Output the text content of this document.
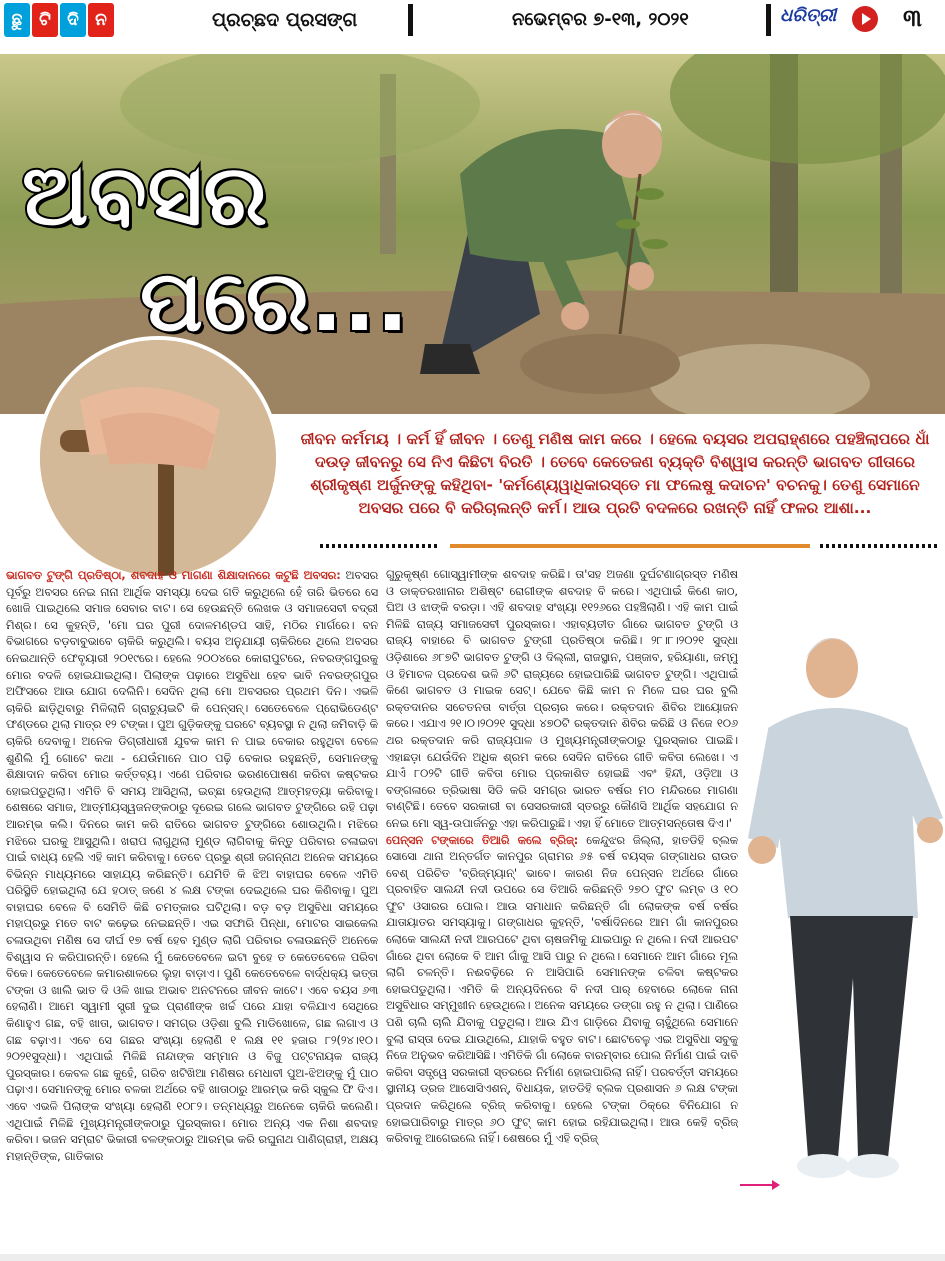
ଛୁ ଟି ଦି ନ	ପ୍ରଚ୍ଛଦ ପ୍ରସଙ୍ଗ	ନଭେମ୍ବର ୭-୧୩, ୨୦୨୧	ଧରିତ୍ରୀ	୩
ଅବସର
ପରେ...
ଜୀବନ କର୍ମମୟ । କର୍ମ ହିଁ ଜୀବନ । ତେଣୁ ମଣିଷ କାମ କରେ । ହେଲେ ବୟସର ଅପରାହ୍ଣରେ ପହଞ୍ଚିଲାପରେ ଧାଁ ଦଉଡ଼ ଜୀବନରୁ ସେ ନିଏ କିଛିଟା ବିରତି । ତେବେ କେତେଜଣ ବ୍ୟକ୍ତି ବିଶ୍ୱାସ କରନ୍ତି ଭାଗବତ ଗୀତାରେ ଶ୍ରୀକୃଷ୍ଣ ଅର୍ଜୁନଙ୍କୁ କହିଥିବା- 'କର୍ମଣ୍ୟେୱାଧିକାରସ୍ତେ ମା ଫଲେଷୁ କଦାଚନ' ବଚନକୁ। ତେଣୁ ସେମାନେ ଅବସର ପରେ ବି କରିଚାଲନ୍ତି କର୍ମ। ଆଉ ପ୍ରତି ବଦଳରେ ରଖନ୍ତି ନାହିଁ ଫଳର ଆଶା...

ଭାଗବତ ଟୁଙ୍ଗି ପ୍ରତିଷ୍ଠା, ଶବଦାହ ଓ ମାଗଣା ଶିକ୍ଷାଦାନରେ କଟୁଛି ଅବସର: ଅବସର ପୂର୍ବରୁ ଅବସର ନେଇ ନାନା ଆର୍ଥିକ ସମସ୍ୟା ଦେଇ ଗତି କରୁଥିଲେ ହେଁ ତାରି ଭିତରେ ସେ ଖୋଜି ପାଇଥିଲେ ସମାଜ ସେବାର ବାଟ। ସେ ହେଉଛନ୍ତି ଲେଖକ ଓ ସମାଜସେବୀ ବଦ୍ରୀ ମିଶ୍ର। ସେ କୁହନ୍ତି, 'ମୋ ଘର ପୁରୀ ଦୋଳମଣ୍ଡପ ସାହି, ମଠିର ମାର୍ଗରେ। ବନ ବିଭାଗରେ ବଡ଼ବାବୁଭାବେ ଚାକିରି କରୁଥିଲି। ବୟସ ଅନୁଯାୟୀ ଚାକିରିରେ ଥିଲେ ଅବସର ନେଇଥାନ୍ତି ଫେବୃୟାରୀ ୨୦୧୯ରେ। ହେଲେ ୨୦୦୪ରେ କୋରାପୁଟରେ, ନବରଙ୍ଗପୁରକୁ ମୋର ବଦଳି ହୋଇଯାଇଥିଲା। ପିଲାଙ୍କ ପଢ଼ାରେ ଅସୁବିଧା ହେବ ଭାବି ନବରଙ୍ଗପୁର ଅଫିସରେ ଆଉ ଯୋଗ ଦେଲିନି। ସେଦିନ ଥିଲା ମୋ ଅବସରର ପ୍ରଥମ ଦିନ। ଏଭଳି ଚାକିରି ଛାଡ଼ିଥିବାରୁ ମିଳିଲାନି ଗ୍ରାଚ୍ୟୁଇଟି କି ପେନ୍‌ସନ୍। ସେତେବେଳେ ପ୍ରୋଭିଡେଣ୍ଟ ଫଣ୍ଡରେ ଥିଲା ମାତ୍ର ୧୨ ଟଙ୍କା। ପୁଅ ଗୁଡ଼ିକଙ୍କୁ ଘରଟେ ବ୍ୟବସ୍ଥା ନ ଥିଲା ଜମିବାଡ଼ି କି ଚାକିରି ଦେବାକୁ। ଅନେକ ଡିଗ୍ରୀଧାରୀ ଯୁବକ କାମ ନ ପାଇ ବେକାର ରହୁଥିବା ବେଳେ ଶୁଣିଲି ମୁଁ ଗୋଟେ କଥା - ଯେଉଁମାନେ ପାଠ ପଢ଼ି ବେକାର ରହୁଛନ୍ତି, ସେମାନଙ୍କୁ ଶିକ୍ଷାଦାନ କରିବା ମୋର କର୍ତ୍ତବ୍ୟ। ଏଣେ ପରିବାର ଭରଣପୋଷଣ କରିବା କଷ୍ଟକର ହୋଇପଡୁଥିଲା। ଏମିତି ବି ସମୟ ଆସିଥିଲା, ଇଚ୍ଛା ହେଉଥିଲା ଆତ୍ମହତ୍ୟା କରିବାକୁ। ଶେଷରେ ସମାଜ, ଆତ୍ମୀୟସ୍ୱଜନଙ୍କଠାରୁ ଦୂରେଇ ଗଲେ ଭାଗବତ ଟୁଙ୍ଗିରେ ରହି ପଢ଼ା ଆରମ୍ଭ କଲି। ଦିନରେ କାମ କରି ରାତିରେ ଭାଗବତ ଟୁଙ୍ଗିରେ ଶୋଉଥିଲି। ମଝିରେ ମଝିରେ ଘରକୁ ଆସୁଥିଲି। ଖରାପ ଲାଗୁଥିଲା ମୁଣ୍ଡ ଲାଗିବାକୁ କିନ୍ତୁ ପରିବାର ଚଳାଇବା ପାଇଁ ବାଧ୍ୟ ହେଲି ଏହି କାମ କରିବାକୁ। ତେବେ ପ୍ରଭୁ ଶ୍ରୀ ଜଗନ୍ନାଥ ଅନେକ ସମୟରେ ବିଭିନ୍ନ ମାଧ୍ୟମରେ ସାହାଯ୍ୟ କରିଛନ୍ତି। ଯେମିତି କି ଝିଅ ବାହାଘର ବେଳେ ଏମିତି ପରିସ୍ଥିତି ହୋଇଥିଲା ଯେ ହଠାତ୍ ଜଣେ ୪ ଲକ୍ଷ ଟଙ୍କା ଦେଇଥିଲେ ଘର କିଣିବାକୁ। ପୁଅ ବାହାଘର ବେଳେ ବି ସେମିତି କିଛି ଚମତ୍କାର ଘଟିଥିଲା। ବଡ଼ ବଡ଼ ଅସୁବିଧା ସମୟରେ ମହାପ୍ରଭୁ ମତେ ବାଟ କଢ଼େଇ ନେଇଛନ୍ତି। ଏଇ ସଫାରି ପିନ୍ଧା, ମୋଟର ସାଇକେଲ ଚଳାଉଥିବା ମଣିଷ ସେ ଦୀର୍ଘ ୧୭ ବର୍ଷ ହେବ ମୁଣ୍ଡ ଲାଗି ପରିବାର ଚଳାଉଛନ୍ତି ଅନେକେ ବିଶ୍ୱାସ ନ କରିପାରନ୍ତି। ହେଲେ ମୁଁ କେତେବେଳେ ଇଟା ବୁହେ ତ କେତେବେଳେ ପରିବା ବିକେ। କେତେବେଳେ କମାରଶାଳରେ ଲୁହା ବାଡ଼ାଏ। ପୁଣି କେତେବେଳେ ବାର୍ଦ୍ଧକ୍ୟ ଭତ୍ତା ଟଙ୍କା ଓ ଖାଲି ଭାତ ଦି ଓଳି ଖାଇ ଅଭାବ ଅନଟନରେ ଜୀବନ କାଟେ। ଏବେ ବୟସ ୬୩ ହେଲାଣି। ଆମେ ସ୍ୱାମୀ ସ୍ତ୍ରୀ ଦୁଇ ପ୍ରାଣୀଙ୍କ ଖର୍ଚ୍ଚ ପରେ ଯାହା ବଳିଯାଏ ସେଥିରେ କିଣାହୁଏ ଗଛ, ବହି ଖାତା, ଭାଗବତ। ସମଗ୍ର ଓଡ଼ିଶା ବୁଲି ମାଡିଖୋଳେ, ଗଛ ଲଗାଏ ଓ ଗଛ ବଢ଼ାଏ। ଏବେ ସେ ଗଛର ସଂଖ୍ୟା ହେଲାଣି ୧ ଲକ୍ଷ ୧୧ ହଜାର ୮୨(୨୪।୧୦।୨୦୨୧ସୁଦ୍ଧା)। ଏଥିପାଇଁ ମିଳିଛି ନାନ୍ଦାଙ୍କ ସମ୍ମାନ ଓ ବିଜୁ ପଟ୍ଟନାୟକ ରାଜ୍ୟ ପୁରସ୍କାର। କେବଳ ଗଛ କୁହେଁ, ଗରିବ ଖଟିଖିଆ ମଣିଷର ମେଧାବୀ ପୁଅ-ଝିଅଙ୍କୁ ମୁଁ ପାଠ ପଢ଼ାଏ। ସେମାନଙ୍କୁ ମୋର ବଳକା ଅର୍ଥରେ ବହି ଖାତାଠାରୁ ଆରମ୍ଭ କରି ସ୍କୁଲ ଫି ଦିଏ। ଏବେ ଏଭଳି ପିଲାଙ୍କ ସଂଖ୍ୟା ହେଲାଣି ୧୦୮୨। ତନ୍ମଧ୍ୟରୁ ଅନେକେ ଚାକିରି କଲେଣି। ଏଥିପାଇଁ ମିଳିଛି ମୁଖ୍ୟମନ୍ତ୍ରୀଙ୍କଠାରୁ ପୁରସ୍କାର। ମୋର ଅନ୍ୟ ଏକ ନିଶା ଶବଦାହ କରିବା। ଭଜନ ସମ୍ରାଟ ଭିକାରୀ ବଳଙ୍କଠାରୁ ଆରମ୍ଭ କରି ରଘୁନାଥ ପାଣିଗ୍ରାହୀ, ଅକ୍ଷୟ ମହାନ୍ତିଙ୍କ, ଗାତିକାର

ଗୁରୁକୃଷ୍ଣ ଗୋସ୍ୱାମୀଙ୍କ ଶବଦାହ କରିଛି। ତା'ସହ ଅଜଣା ଦୁର୍ଘଟଣାଗ୍ରସ୍ତ ମଣିଷ ଓ ଡାକ୍ତରଖାନାର ଅଶିଷ୍ଟ ରୋଗୀଙ୍କ ଶବଦାହ ବି କରେ। ଏଥିପାଇଁ କିଣେ କାଠ, ଘିଅ ଓ ଝାଙ୍କି ବରଡ଼ା। ଏହି ଶବଦାହ ସଂଖ୍ୟା ୧୧୨୬ରେ ପହଞ୍ଚିଲାଣି। ଏହି କାମ ପାଇଁ ମିଳିଛି ରାଜ୍ୟ ସମାଜସେବୀ ପୁରସ୍କାର। ଏହାବ୍ୟତୀତ ଗାଁରେ ଭାଗବତ ଟୁଙ୍ଗି ଓ ରାଜ୍ୟ ବାହାରେ ବି ଭାଗବତ ଟୁଙ୍ଗୀ ପ୍ରତିଷ୍ଠା କରିଛି। ୨୮।୮।୨୦୨୧ ସୁଦ୍ଧା ଓଡ଼ିଶାରେ ୬୮୭ଟି ଭାଗବତ ଟୁଙ୍ଗି ଓ ଦିଲ୍ଲୀ, ରାଜସ୍ଥାନ, ପଞ୍ଜାବ, ହରିୟାଣା, ଜମ୍ମୁ ଓ ହିମାଚଳ ପ୍ରଦେଶ ଭଳି ୬ଟି ରାଜ୍ୟରେ ହୋଇପାରିଛି ଭାଗବତ ଟୁଙ୍ଗି। ଏଥିପାଇଁ କିଣେ ଭାଗବତ ଓ ମାଇକ ସେଟ୍। ଯେବେ କିଛି କାମ ନ ମିଳେ ଘର ଘର ବୁଲି ରକ୍ତଦାନର ସଚେତନତା ବାର୍ତ୍ତା ପ୍ରଚାର କରେ। ରକ୍ତଦାନ ଶିବିର ଆୟୋଜନ କରେ। ଏଯାଏ ୨୧।୦।୨୦୨୧ ସୁଦ୍ଧା ୪୭୦ଟି ରକ୍ତଦାନ ଶିବିର କରିଛି ଓ ନିଜେ ୧୦୬ ଥର ରକ୍ତଦାନ କରି ରାଜ୍ୟପାଳ ଓ ମୁଖ୍ୟମନ୍ତ୍ରୀଙ୍କଠାରୁ ପୁରସ୍କାର ପାଇଛି। ଏହାଛଡ଼ା ଯେଉଁଦିନ ଅଧିକ ଶ୍ରମ କରେ ସେଦିନ ରାତିରେ ଗୀତି କବିତା ଲେଖେ। ଏ ଯାଏଁ ୮୦୨ଟି ଗୀତି କବିତା ମୋର ପ୍ରକାଶିତ ହୋଇଛି ଏବଂ ହିନ୍ଦୀ, ଓଡ଼ିଆ ଓ ବଙ୍ଗଳାରେ ତ୍ରିଭାଷା ସିଡି କରି ସମଗ୍ର ଭାରତ ବର୍ଷର ମଠ ମନ୍ଦିରରେ ମାଗଣା ବାଣ୍ଟିଛି। ତେବେ ସରକାରୀ ବା ସେସରକାରୀ ସ୍ତରରୁ କୌଣସି ଆର୍ଥିକ ସହଯୋଗ ନ ନେଇ ମୋ ସ୍ୱ-ଉପାର୍ଜନରୁ ଏହା କରିପାରୁଛି। ଏହା ହିଁ ମୋତେ ଆତ୍ମସନ୍ତୋଷ ଦିଏ।'

ପେନ୍‌ସନ ଟଙ୍କାରେ ତିଆରି କଲେ ବ୍ରିଜ୍: କେନ୍ଦୁଝର ଜିଲ୍ଲା, ହାତଡିହି ବ୍ଲକ ସୋସୋ ଥାନା ଅନ୍ତର୍ଗତ କାନପୁର ଗ୍ରାମର ୬୫ ବର୍ଷ ବୟସ୍କ ଗଙ୍ଗାଧର ରାଉତ ବେଶ୍ ପରିଚିତ 'ବ୍ରିଜ୍‌ମ୍ୟାନ୍' ଭାବେ। କାରଣ ନିଜ ପେନ୍‌ସନ ଅର୍ଥରେ ଗାଁରେ ପ୍ରବାହିତ ସାଲନ୍ଦୀ ନଦୀ ଉପରେ ସେ ତିଆରି କରିଛନ୍ତି ୨୭୦ ଫୁଟ ଲମ୍ବ ଓ ୧୦ ଫୁଟ ଓସାରର ପୋଲ। ଆଉ ସମାଧାନ କରିଛନ୍ତି ଗାଁ ଲୋକଙ୍କ ବର୍ଷ ବର୍ଷର ଯାତାୟାତର ସମସ୍ୟାକୁ। ଗଙ୍ଗାଧର କୁହନ୍ତି, 'ବର୍ଷାଦିନରେ ଆମ ଗାଁ କାନପୁରର ଲୋକେ ସାଲନ୍ଦୀ ନଦୀ ଆରପଟେ ଥିବା ଚାଷଜମିକୁ ଯାଇପାରୁ ନ ଥିଲେ। ନଦୀ ଆରପଟ ଗାଁରେ ଥିବା ଲୋକେ ବି ଆମ ଗାଁକୁ ଆସି ପାରୁ ନ ଥିଲେ। ସେମାନେ ଆମ ଗାଁରେ ମୂଲ ଲାଗି ଚଳନ୍ତି। ନଈବଢ଼ିରେ ନ ଆସିପାରି ସେମାନଙ୍କ ଚଳିବା କଷ୍ଟକର ହୋଇପଡୁଥିଲା। ଏମିତି କି ଅନ୍ୟଦିନରେ ବି ନଦୀ ପାର୍ ହେବାରେ ଲୋକେ ନାନା ଅସୁବିଧାର ସମ୍ମୁଖୀନ ହେଉଥିଲେ। ଅନେକ ସମୟରେ ଡଙ୍ଗା ରହୁ ନ ଥିଲା। ପାଣିରେ ପଶି ଚାଲି ଚାଲି ଯିବାକୁ ପଡୁଥିଲା। ଆଉ ଯିଏ ଗାଡ଼ିରେ ଯିବାକୁ ଚାହୁଁଥିଲେ ସେମାନେ ବୁଲା ରାସ୍ତା ଦେଇ ଯାଉଥିଲେ, ଯାହାକି ବହୁତ ବାଟ। ଛୋଟବେଳୁ ଏଇ ଅସୁବିଧା ସବୁକୁ ନିଜେ ଅନୁଭବ କରିଆସିଛି। ଏମିତିକି ଗାଁ ଲୋକେ ବାରମ୍ବାର ପୋଲ ନିର୍ମାଣ ପାଇଁ ଦାବି କରିବା ସତ୍ତ୍ୱେ ସରକାରୀ ସ୍ତରରେ ନିର୍ମାଣ ହୋଇପାରିଲା ନାହିଁ। ପରବର୍ତ୍ତୀ ସମୟରେ ସ୍ଥାନୀୟ ଡ୍ରଜ ଆସୋସିଏଶନ୍, ବିଧାୟକ, ହାତଡିହି ବ୍ଲକ ପ୍ରଶାସନ ୬ ଲକ୍ଷ ଟଙ୍କା ପ୍ରଦାନ କରିଥିଲେ ବ୍ରିଜ୍ କରିବାକୁ। ହେଲେ ଟଙ୍କା ଠିକ୍‌ରେ ବିନିଯୋଗ ନ ହୋଇପାରିବାରୁ ମାତ୍ର ୬୦ ଫୁଟ୍ କାମ ହୋଇ ରହିଯାଇଥିଲା। ଆଉ କେହି ବ୍ରିଜ୍ କରିବାକୁ ଆଗେଇଲେ ନାହିଁ। ଶେଷରେ ମୁଁ ଏହି ବ୍ରିଜ୍
